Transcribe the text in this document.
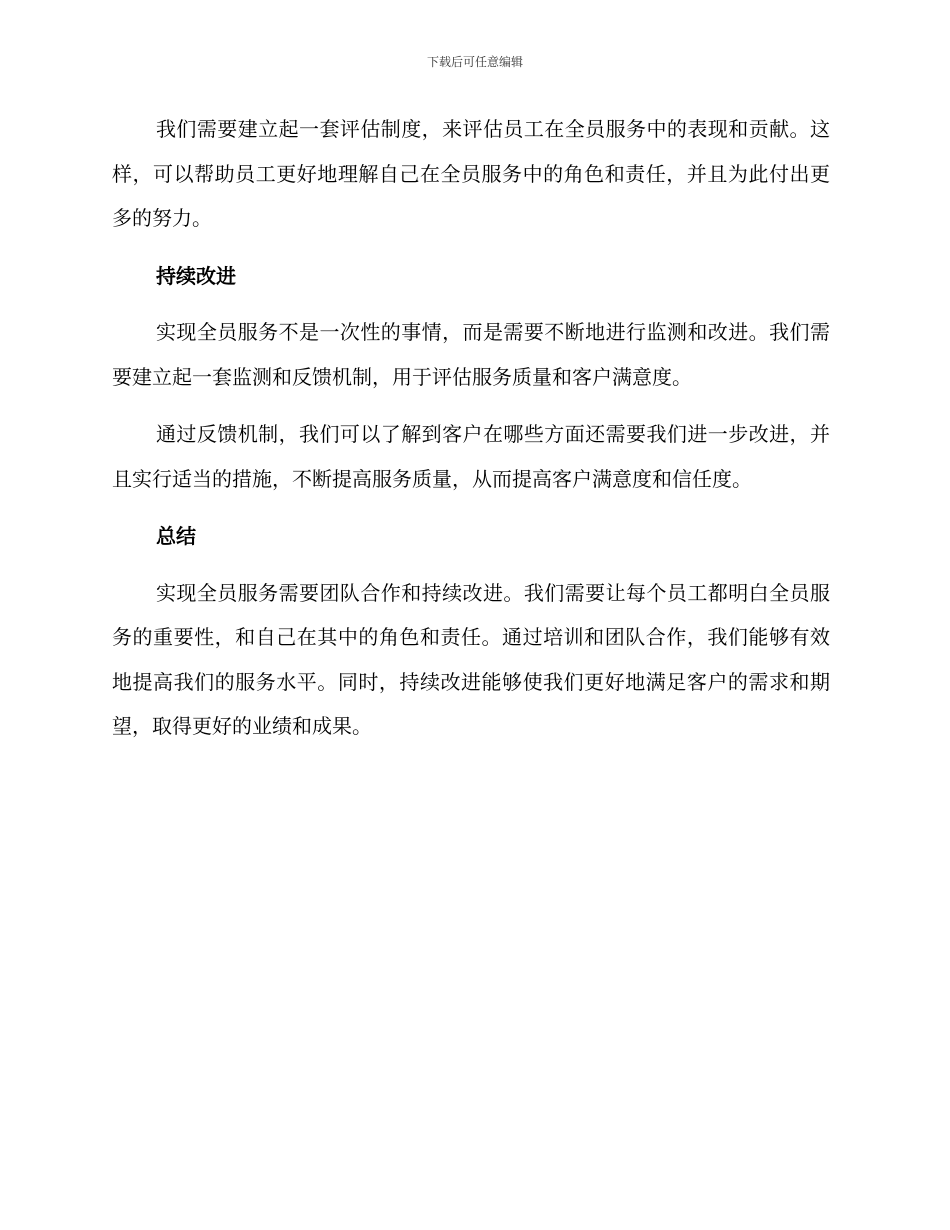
下载后可任意编辑

我们需要建立起一套评估制度，来评估员工在全员服务中的表现和贡献。这样，可以帮助员工更好地理解自己在全员服务中的角色和责任，并且为此付出更多的努力。

持续改进

实现全员服务不是一次性的事情，而是需要不断地进行监测和改进。我们需要建立起一套监测和反馈机制，用于评估服务质量和客户满意度。

通过反馈机制，我们可以了解到客户在哪些方面还需要我们进一步改进，并且实行适当的措施，不断提高服务质量，从而提高客户满意度和信任度。

总结

实现全员服务需要团队合作和持续改进。我们需要让每个员工都明白全员服务的重要性，和自己在其中的角色和责任。通过培训和团队合作，我们能够有效地提高我们的服务水平。同时，持续改进能够使我们更好地满足客户的需求和期望，取得更好的业绩和成果。
